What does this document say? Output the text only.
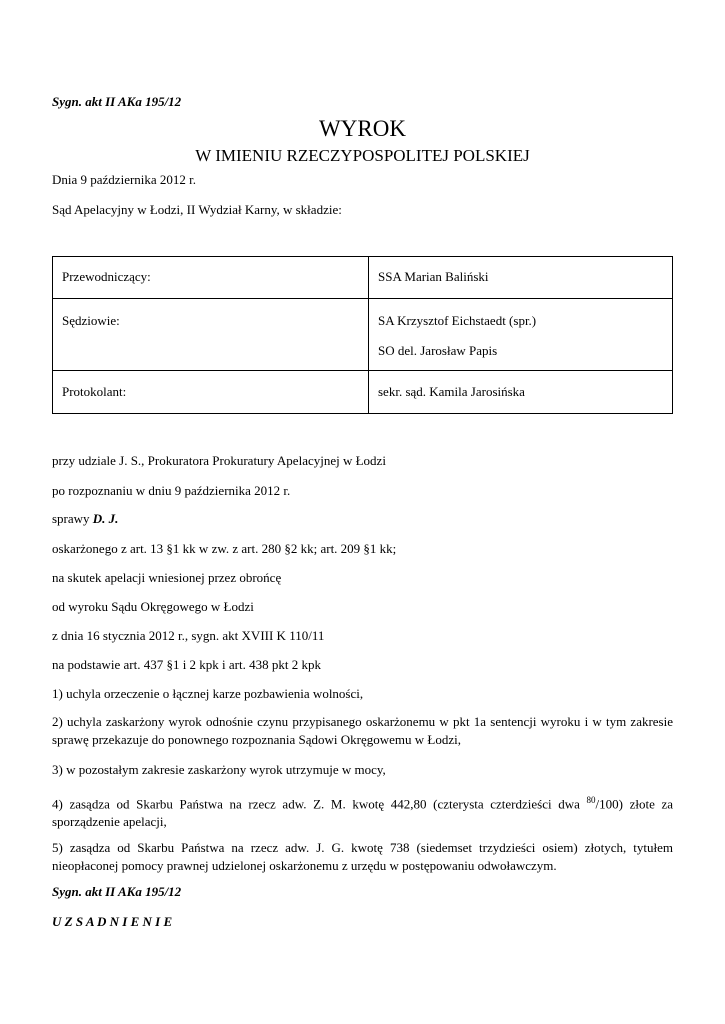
Sygn. akt II AKa 195/12
WYROK
W IMIENIU RZECZYPOSPOLITEJ POLSKIEJ
Dnia 9 października 2012 r.
Sąd Apelacyjny w Łodzi, II Wydział Karny, w składzie:
Przewodniczący:	SSA Marian Baliński

Sędziowie:	SA Krzysztof Eichstaedt (spr.)
SO del. Jarosław Papis

Protokolant:	sekr. sąd. Kamila Jarosińska
przy udziale J. S., Prokuratora Prokuratury Apelacyjnej w Łodzi
po rozpoznaniu w dniu 9 października 2012 r.
sprawy D. J.
oskarżonego z art. 13 §1 kk w zw. z art. 280 §2 kk; art. 209 §1 kk;
na skutek apelacji wniesionej przez obrońcę
od wyroku Sądu Okręgowego w Łodzi
z dnia 16 stycznia 2012 r., sygn. akt XVIII K 110/11
na podstawie art. 437 §1 i 2 kpk i art. 438 pkt 2 kpk
1) uchyla orzeczenie o łącznej karze pozbawienia wolności,
2) uchyla zaskarżony wyrok odnośnie czynu przypisanego oskarżonemu w pkt 1a sentencji wyroku i w tym zakresie sprawę przekazuje do ponownego rozpoznania Sądowi Okręgowemu w Łodzi,
3) w pozostałym zakresie zaskarżony wyrok utrzymuje w mocy,
4) zasądza od Skarbu Państwa na rzecz adw. Z. M. kwotę 442,80 (czterysta czterdzieści dwa $^{80}$/100) złote za sporządzenie apelacji,
5) zasądza od Skarbu Państwa na rzecz adw. J. G. kwotę 738 (siedemset trzydzieści osiem) złotych, tytułem nieopłaconej pomocy prawnej udzielonej oskarżonemu z urzędu w postępowaniu odwoławczym.
Sygn. akt II AKa 195/12
U Z S A D N I E N I E
